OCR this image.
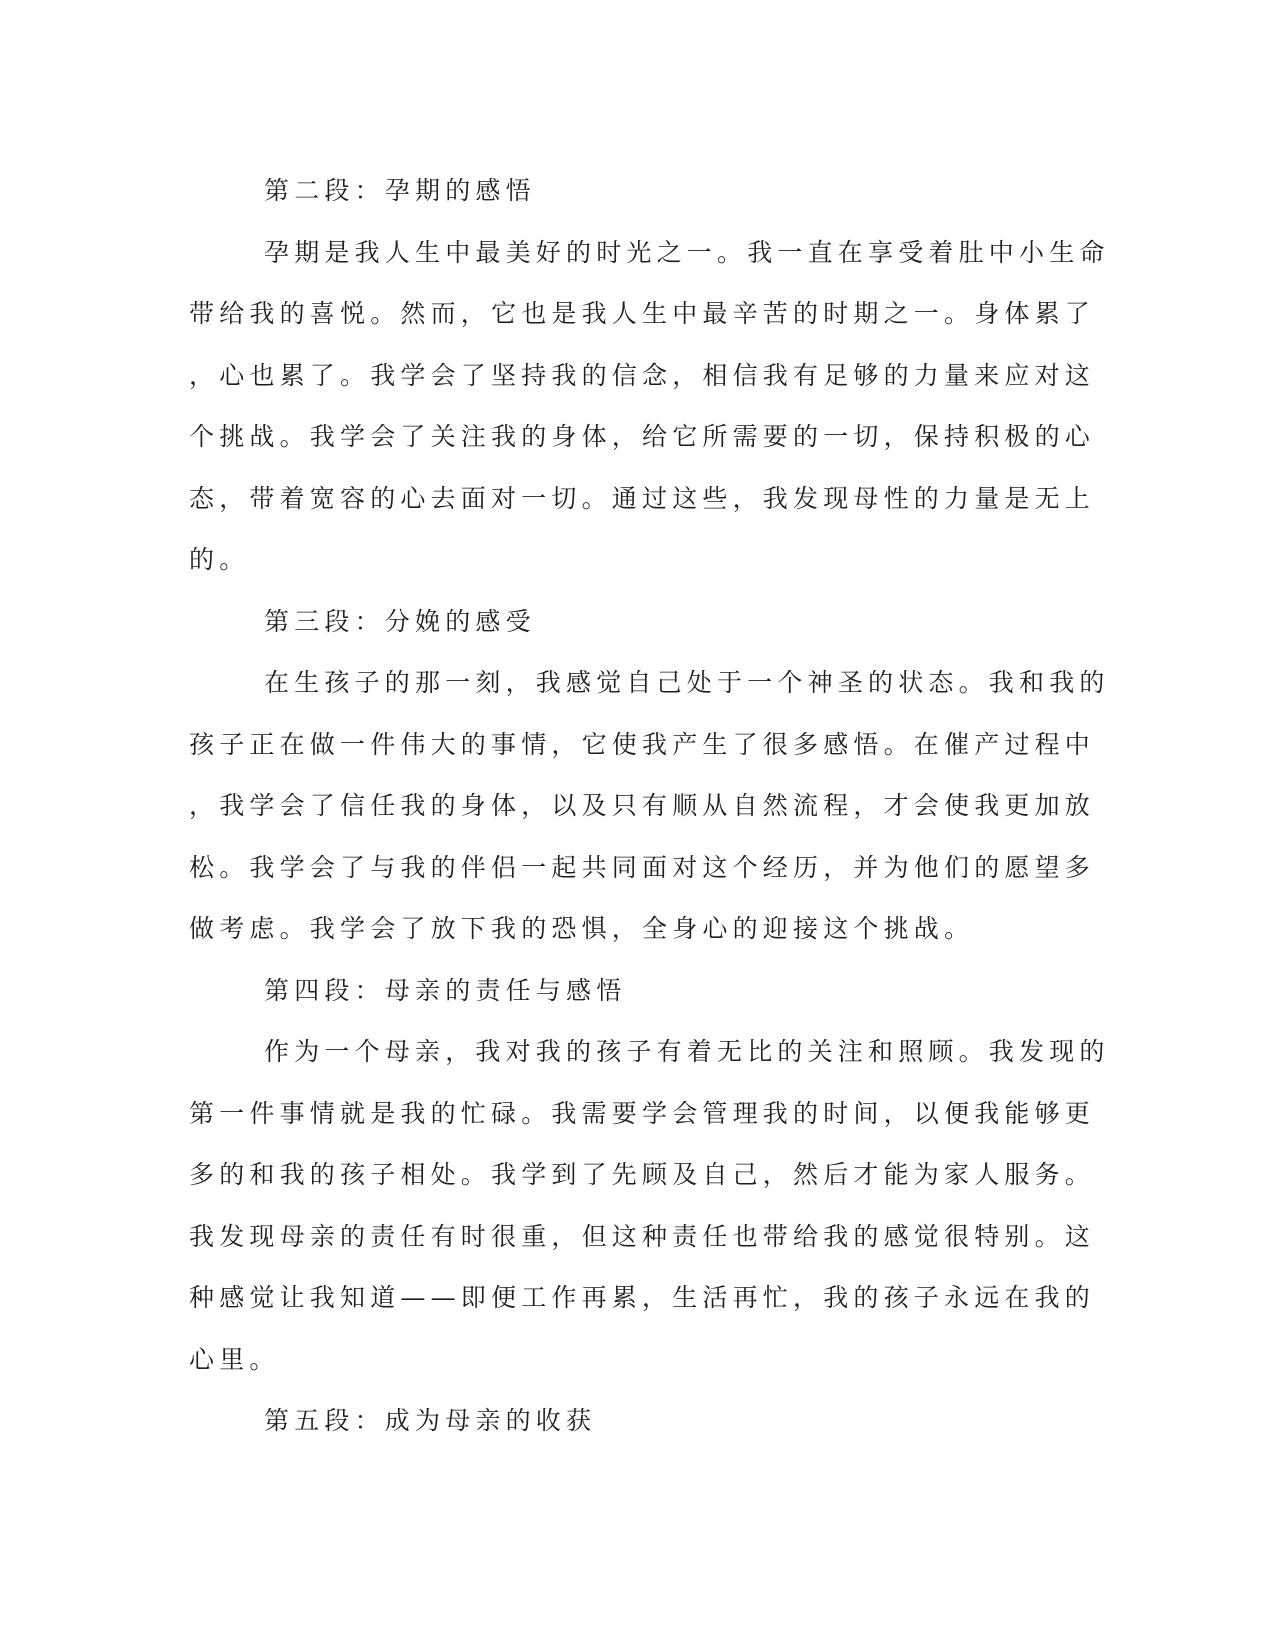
第二段：孕期的感悟
孕期是我人生中最美好的时光之一。我一直在享受着肚中小生命
带给我的喜悦。然而，它也是我人生中最辛苦的时期之一。身体累了
，心也累了。我学会了坚持我的信念，相信我有足够的力量来应对这
个挑战。我学会了关注我的身体，给它所需要的一切，保持积极的心
态，带着宽容的心去面对一切。通过这些，我发现母性的力量是无上
的。
第三段：分娩的感受
在生孩子的那一刻，我感觉自己处于一个神圣的状态。我和我的
孩子正在做一件伟大的事情，它使我产生了很多感悟。在催产过程中
，我学会了信任我的身体，以及只有顺从自然流程，才会使我更加放
松。我学会了与我的伴侣一起共同面对这个经历，并为他们的愿望多
做考虑。我学会了放下我的恐惧，全身心的迎接这个挑战。
第四段：母亲的责任与感悟
作为一个母亲，我对我的孩子有着无比的关注和照顾。我发现的
第一件事情就是我的忙碌。我需要学会管理我的时间，以便我能够更
多的和我的孩子相处。我学到了先顾及自己，然后才能为家人服务。
我发现母亲的责任有时很重，但这种责任也带给我的感觉很特别。这
种感觉让我知道——即便工作再累，生活再忙，我的孩子永远在我的
心里。
第五段：成为母亲的收获
